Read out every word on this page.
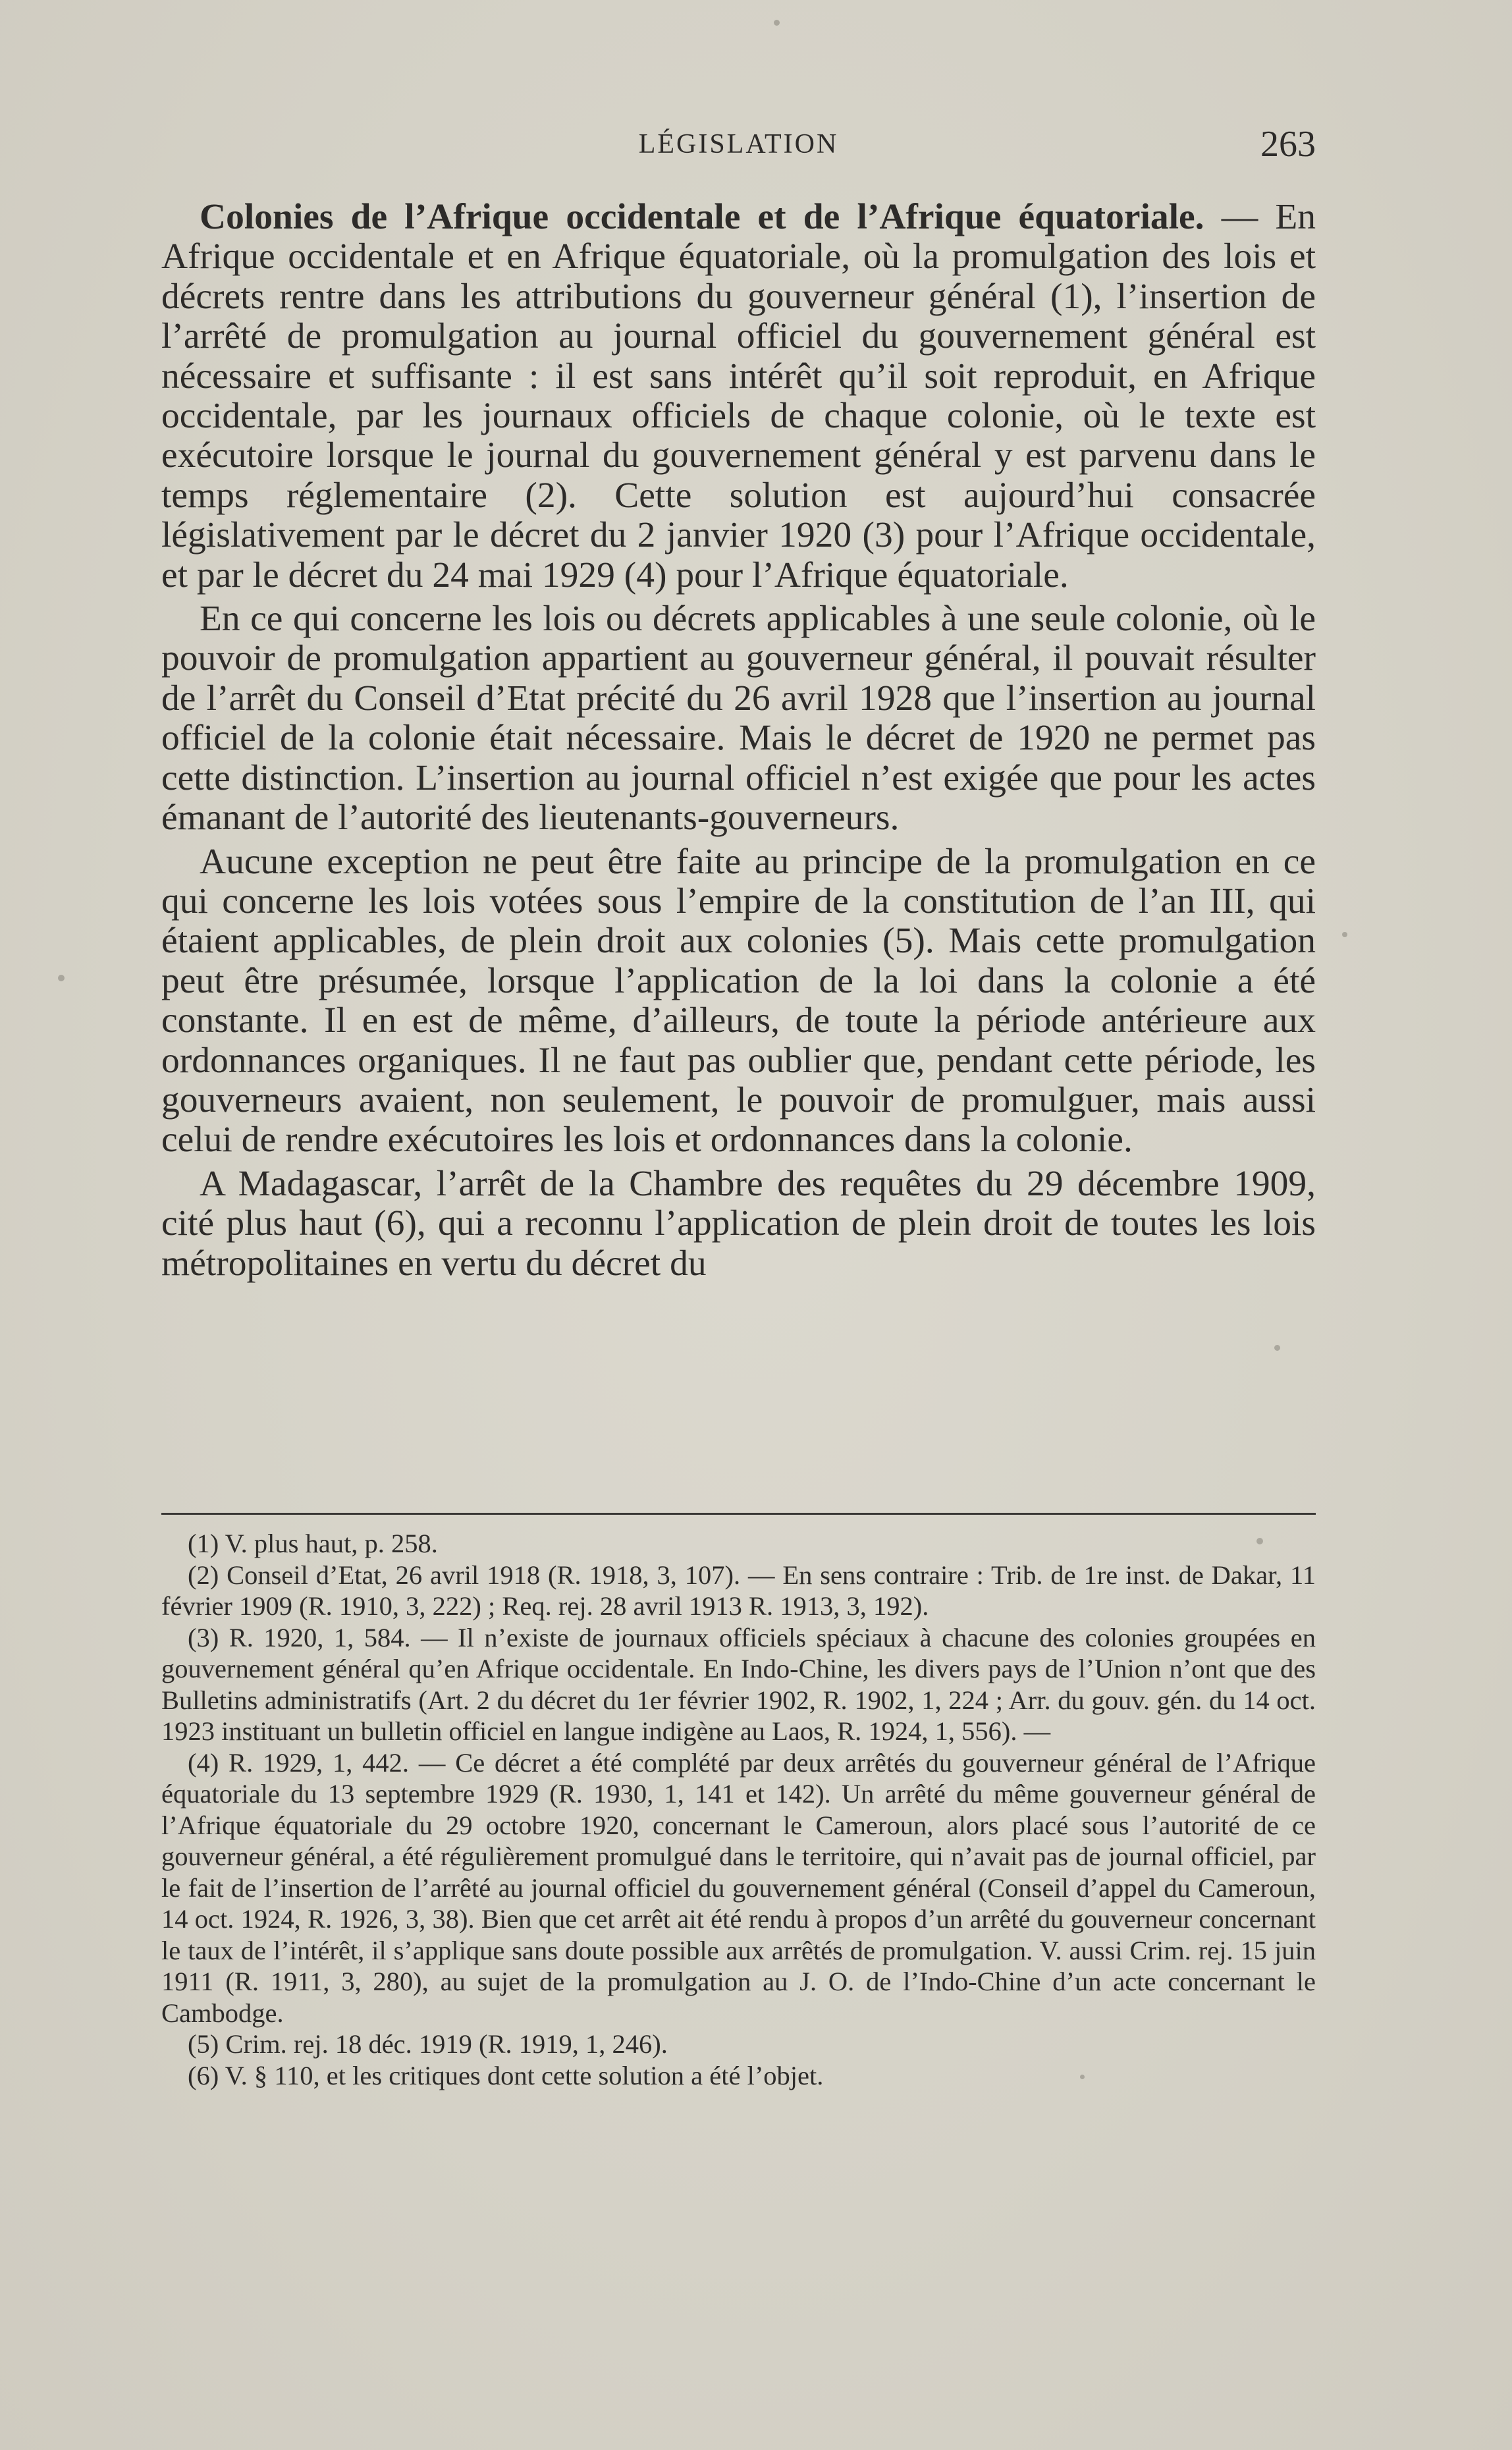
LÉGISLATION	263

Colonies de l’Afrique occidentale et de l’Afrique équatoriale. — En Afrique occidentale et en Afrique équatoriale, où la promulgation des lois et décrets rentre dans les attributions du gouverneur général (1), l’insertion de l’arrêté de promulgation au journal officiel du gouvernement général est nécessaire et suffisante : il est sans intérêt qu’il soit reproduit, en Afrique occidentale, par les journaux officiels de chaque colonie, où le texte est exécutoire lorsque le journal du gouvernement général y est parvenu dans le temps réglementaire (2). Cette solution est aujourd’hui consacrée législativement par le décret du 2 janvier 1920 (3) pour l’Afrique occidentale, et par le décret du 24 mai 1929 (4) pour l’Afrique équatoriale.

En ce qui concerne les lois ou décrets applicables à une seule colonie, où le pouvoir de promulgation appartient au gouverneur général, il pouvait résulter de l’arrêt du Conseil d’Etat précité du 26 avril 1928 que l’insertion au journal officiel de la colonie était nécessaire. Mais le décret de 1920 ne permet pas cette distinction. L’insertion au journal officiel n’est exigée que pour les actes émanant de l’autorité des lieutenants-gouverneurs.

Aucune exception ne peut être faite au principe de la promulgation en ce qui concerne les lois votées sous l’empire de la constitution de l’an III, qui étaient applicables, de plein droit aux colonies (5). Mais cette promulgation peut être présumée, lorsque l’application de la loi dans la colonie a été constante. Il en est de même, d’ailleurs, de toute la période antérieure aux ordonnances organiques. Il ne faut pas oublier que, pendant cette période, les gouverneurs avaient, non seulement, le pouvoir de promulguer, mais aussi celui de rendre exécutoires les lois et ordonnances dans la colonie.

A Madagascar, l’arrêt de la Chambre des requêtes du 29 décembre 1909, cité plus haut (6), qui a reconnu l’application de plein droit de toutes les lois métropolitaines en vertu du décret du

(1) V. plus haut, p. 258.

(2) Conseil d’Etat, 26 avril 1918 (R. 1918, 3, 107). — En sens contraire : Trib. de 1re inst. de Dakar, 11 février 1909 (R. 1910, 3, 222) ; Req. rej. 28 avril 1913 R. 1913, 3, 192).

(3) R. 1920, 1, 584. — Il n’existe de journaux officiels spéciaux à chacune des colonies groupées en gouvernement général qu’en Afrique occidentale. En Indo-Chine, les divers pays de l’Union n’ont que des Bulletins administratifs (Art. 2 du décret du 1er février 1902, R. 1902, 1, 224 ; Arr. du gouv. gén. du 14 oct. 1923 instituant un bulletin officiel en langue indigène au Laos, R. 1924, 1, 556). —

(4) R. 1929, 1, 442. — Ce décret a été complété par deux arrêtés du gouverneur général de l’Afrique équatoriale du 13 septembre 1929 (R. 1930, 1, 141 et 142). Un arrêté du même gouverneur général de l’Afrique équatoriale du 29 octobre 1920, concernant le Cameroun, alors placé sous l’autorité de ce gouverneur général, a été régulièrement promulgué dans le territoire, qui n’avait pas de journal officiel, par le fait de l’insertion de l’arrêté au journal officiel du gouvernement général (Conseil d’appel du Cameroun, 14 oct. 1924, R. 1926, 3, 38). Bien que cet arrêt ait été rendu à propos d’un arrêté du gouverneur concernant le taux de l’intérêt, il s’applique sans doute possible aux arrêtés de promulgation. V. aussi Crim. rej. 15 juin 1911 (R. 1911, 3, 280), au sujet de la promulgation au J. O. de l’Indo-Chine d’un acte concernant le Cambodge.

(5) Crim. rej. 18 déc. 1919 (R. 1919, 1, 246).

(6) V. § 110, et les critiques dont cette solution a été l’objet.
